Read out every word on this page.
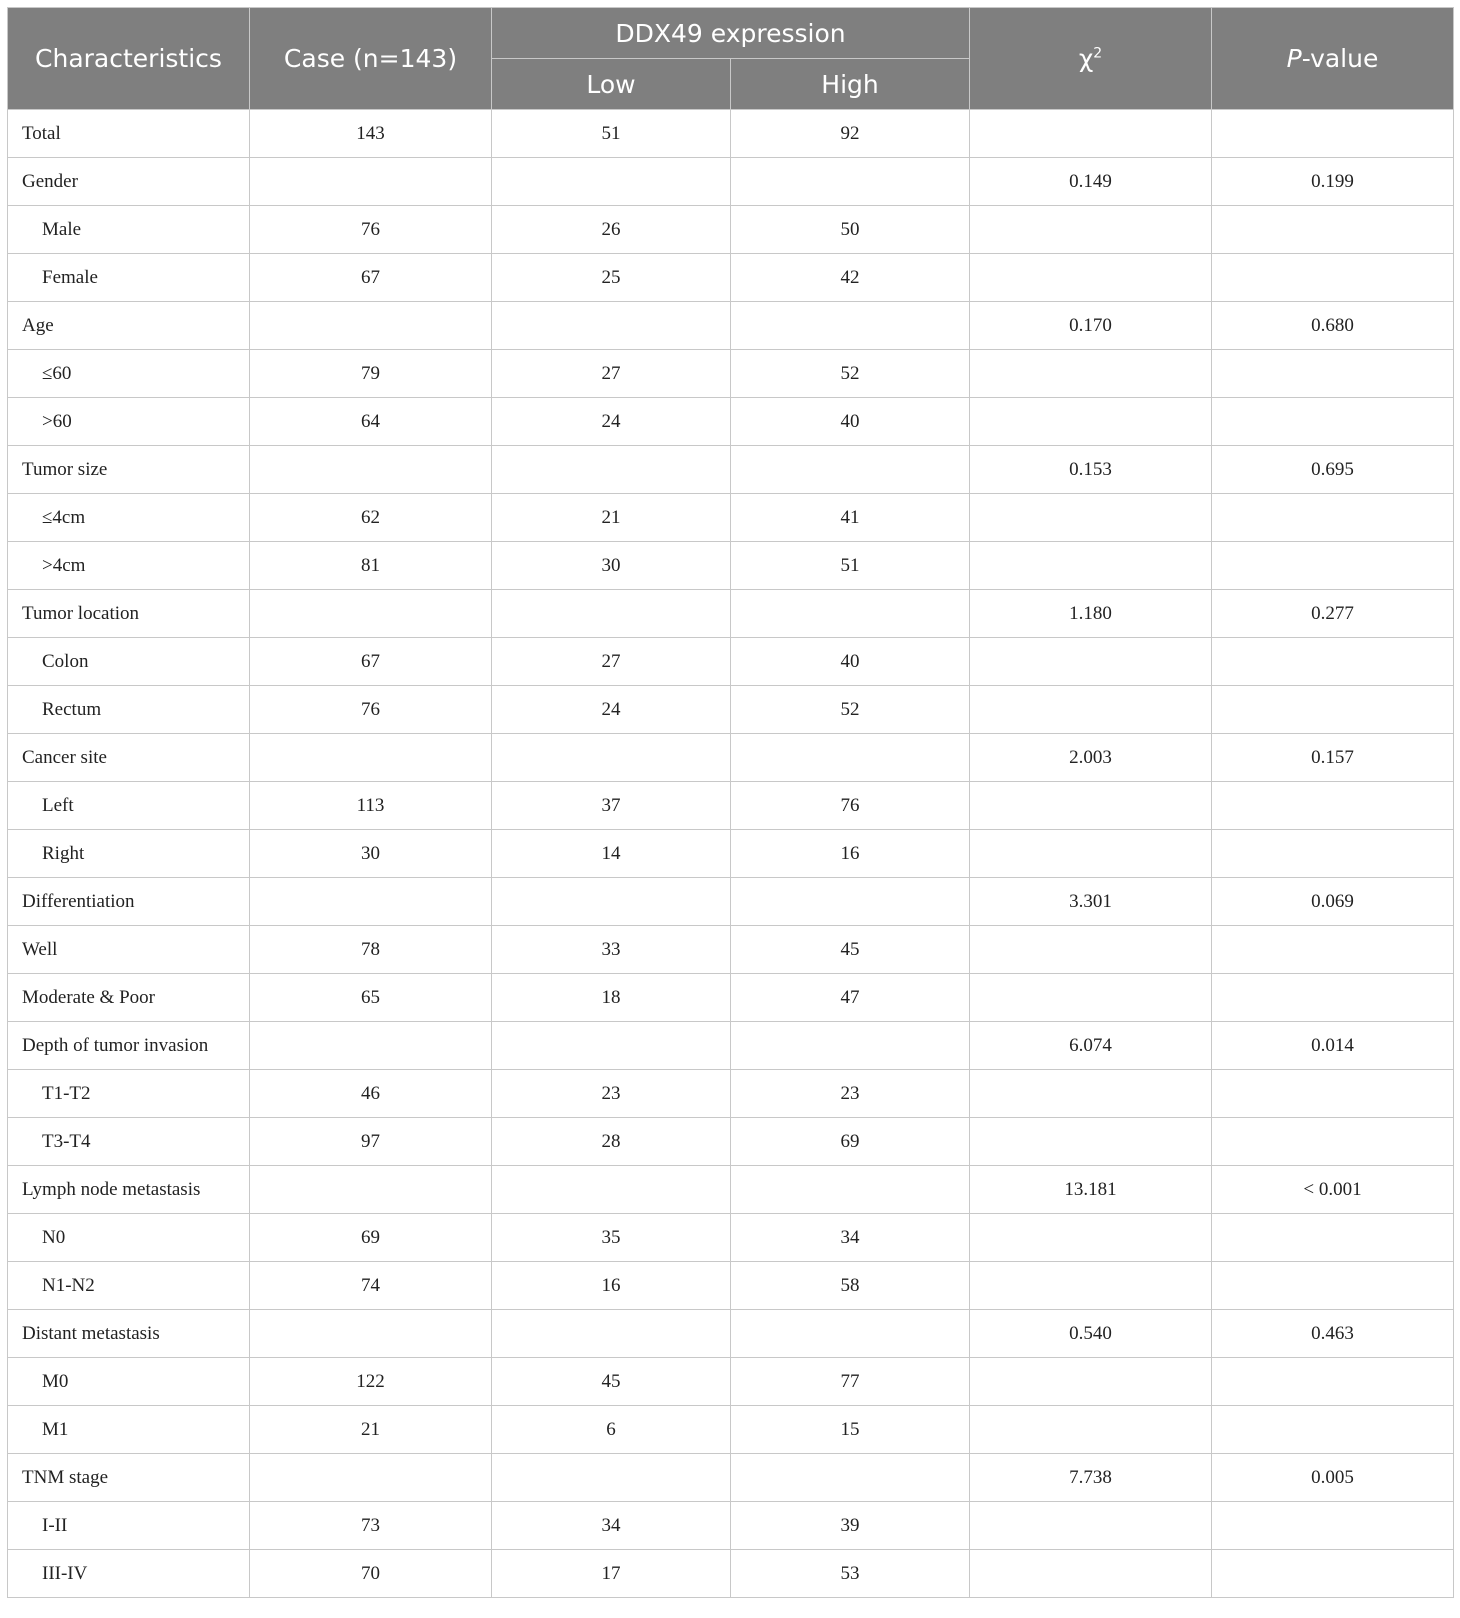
Characteristics	Case (n=143)	DDX49 expression		$\chi^2$	P-value
		Low	High		
Total	143	51	92		
Gender				0.149	0.199
Male	76	26	50		
Female	67	25	42		
Age				0.170	0.680
≤60	79	27	52		
>60	64	24	40		
Tumor size				0.153	0.695
≤4cm	62	21	41		
>4cm	81	30	51		
Tumor location				1.180	0.277
Colon	67	27	40		
Rectum	76	24	52		
Cancer site				2.003	0.157
Left	113	37	76		
Right	30	14	16		
Differentiation				3.301	0.069
Well	78	33	45		
Moderate & Poor	65	18	47		
Depth of tumor invasion				6.074	0.014
T1-T2	46	23	23		
T3-T4	97	28	69		
Lymph node metastasis				13.181	< 0.001
N0	69	35	34		
N1-N2	74	16	58		
Distant metastasis				0.540	0.463
M0	122	45	77		
M1	21	6	15		
TNM stage				7.738	0.005
I-II	73	34	39		
III-IV	70	17	53		
